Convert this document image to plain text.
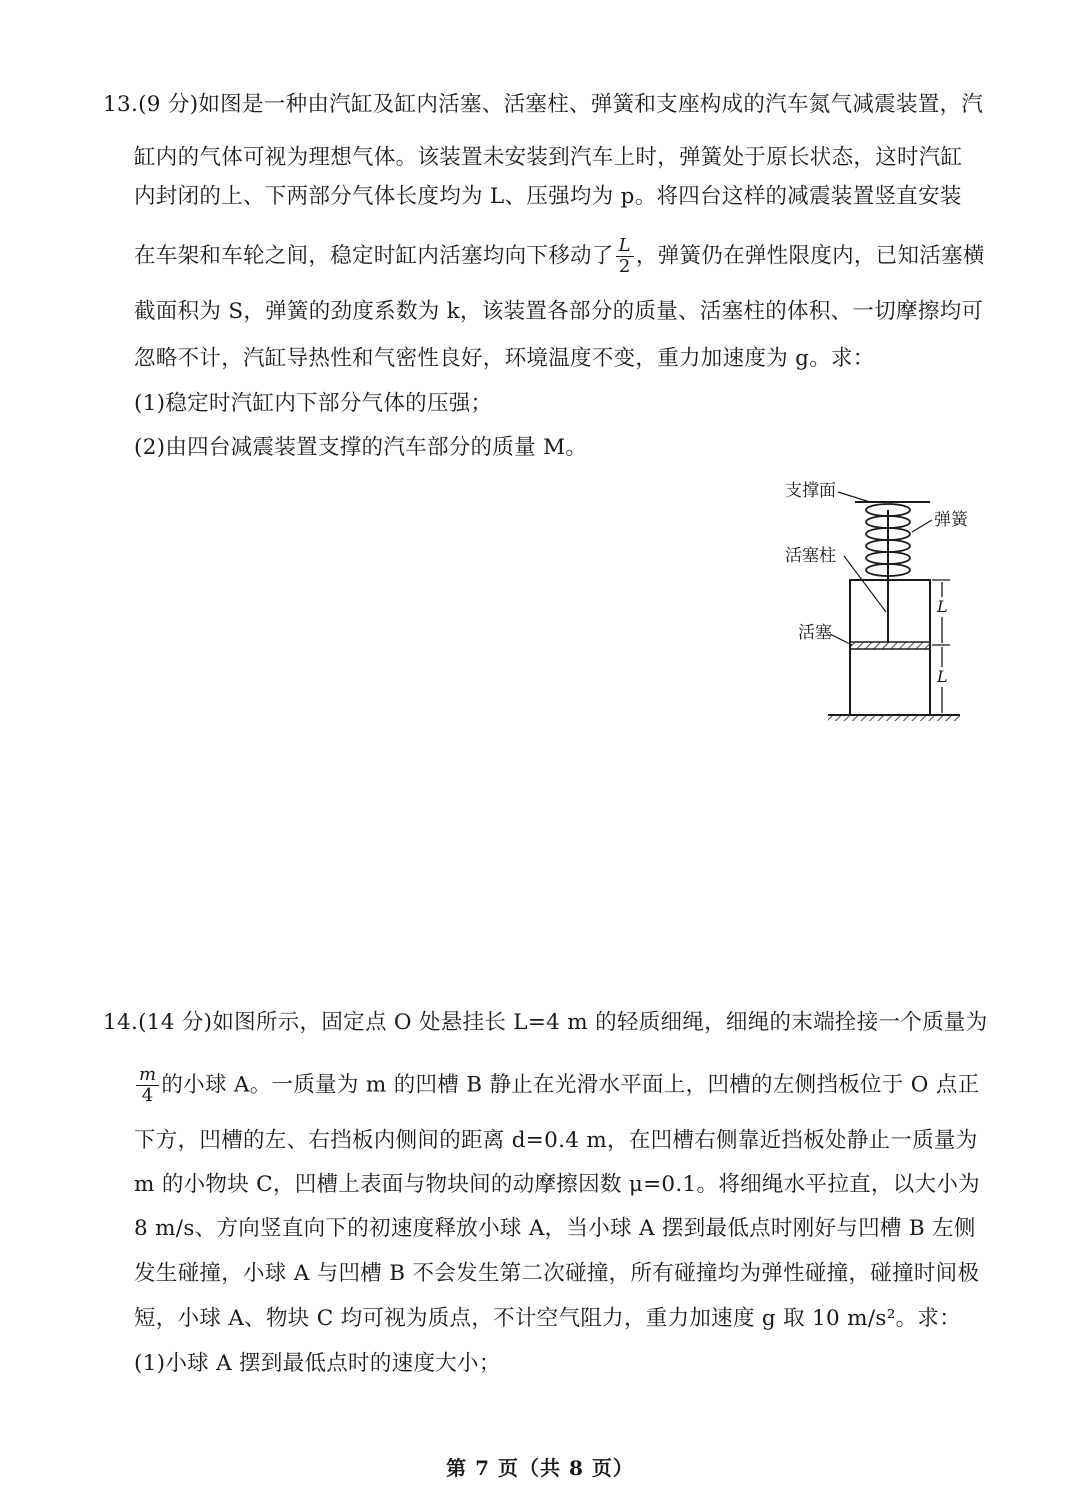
13.(9 分)如图是一种由汽缸及缸内活塞、活塞柱、弹簧和支座构成的汽车氮气减震装置，汽
缸内的气体可视为理想气体。该装置未安装到汽车上时，弹簧处于原长状态，这时汽缸
内封闭的上、下两部分气体长度均为 L、压强均为 p。将四台这样的减震装置竖直安装
在车架和车轮之间，稳定时缸内活塞均向下移动了 $\frac{L}{2}$ ，弹簧仍在弹性限度内，已知活塞横
截面积为 S，弹簧的劲度系数为 k，该装置各部分的质量、活塞柱的体积、一切摩擦均可
忽略不计，汽缸导热性和气密性良好，环境温度不变，重力加速度为 g。求：
(1)稳定时汽缸内下部分气体的压强；
(2)由四台减震装置支撑的汽车部分的质量 M。
L
L
支撑面
弹簧
活塞柱
活塞
14.(14 分)如图所示，固定点 O 处悬挂长 L=4 m 的轻质细绳，细绳的末端拴接一个质量为
$\frac{m}{4}$ 的小球 A。一质量为 m 的凹槽 B 静止在光滑水平面上，凹槽的左侧挡板位于 O 点正
下方，凹槽的左、右挡板内侧间的距离 d=0.4 m，在凹槽右侧靠近挡板处静止一质量为
m 的小物块 C，凹槽上表面与物块间的动摩擦因数 μ=0.1。将细绳水平拉直，以大小为
8 m/s、方向竖直向下的初速度释放小球 A，当小球 A 摆到最低点时刚好与凹槽 B 左侧
发生碰撞，小球 A 与凹槽 B 不会发生第二次碰撞，所有碰撞均为弹性碰撞，碰撞时间极
短，小球 A、物块 C 均可视为质点，不计空气阻力，重力加速度 g 取 10 m/s²。求：
(1)小球 A 摆到最低点时的速度大小；
第 7 页（共 8 页）
